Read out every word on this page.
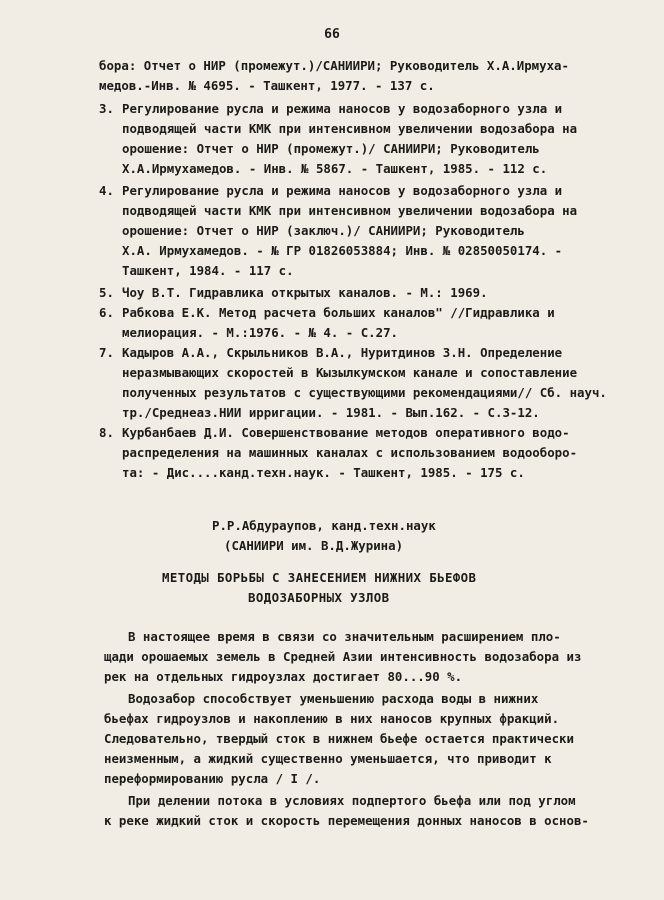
66
бора: Отчет о НИР (промежут.)/САНИИРИ; Руководитель Х.А.Ирмуха-
медов.-Инв. № 4695. - Ташкент, 1977. - 137 с.
3. Регулирование русла и режима наносов у водозаборного узла и
подводящей части КМК при интенсивном увеличении водозабора на
орошение: Отчет о НИР (промежут.)/ САНИИРИ; Руководитель
Х.А.Ирмухамедов. - Инв. № 5867. - Ташкент, 1985. - 112 с.
4. Регулирование русла и режима наносов у водозаборного узла и
подводящей части КМК при интенсивном увеличении водозабора на
орошение: Отчет о НИР (заключ.)/ САНИИРИ; Руководитель
Х.А. Ирмухамедов. - № ГР 01826053884; Инв. № 02850050174. -
Ташкент, 1984. - 117 с.
5. Чоу В.Т. Гидравлика открытых каналов. - М.: 1969.
6. Рабкова Е.К. Метод расчета больших каналов" //Гидравлика и
мелиорация. - М.:1976. - № 4. - С.27.
7. Кадыров А.А., Скрыльников В.А., Нуритдинов З.Н. Определение
неразмывающих скоростей в Кызылкумском канале и сопоставление
полученных результатов с существующими рекомендациями// Сб. науч.
тр./Среднеаз.НИИ ирригации. - 1981. - Вып.162. - С.3-12.
8. Курбанбаев Д.И. Совершенствование методов оперативного водо-
распределения на машинных каналах с использованием водооборо-
та: - Дис....канд.техн.наук. - Ташкент, 1985. - 175 с.
Р.Р.Абдураупов, канд.техн.наук
(САНИИРИ им. В.Д.Журина)
МЕТОДЫ БОРЬБЫ С ЗАНЕСЕНИЕМ НИЖНИХ БЬЕФОВ
ВОДОЗАБОРНЫХ УЗЛОВ
В настоящее время в связи со значительным расширением пло-
щади орошаемых земель в Средней Азии интенсивность водозабора из
рек на отдельных гидроузлах достигает 80...90 %.
Водозабор способствует уменьшению расхода воды в нижних
бьефах гидроузлов и накоплению в них наносов крупных фракций.
Следовательно, твердый сток в нижнем бьефе остается практически
неизменным, а жидкий существенно уменьшается, что приводит к
переформированию русла / I /.
При делении потока в условиях подпертого бьефа или под углом
к реке жидкий сток и скорость перемещения донных наносов в основ-
